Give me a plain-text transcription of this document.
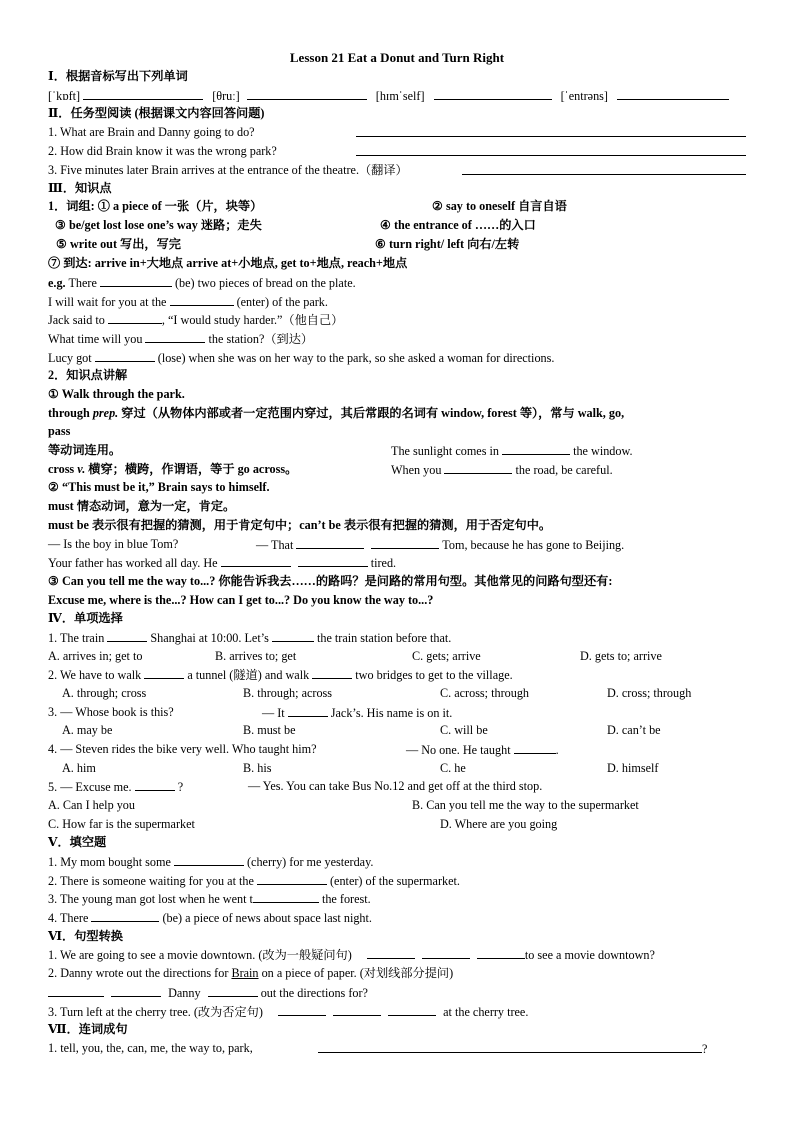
Lesson 21 Eat a Donut and Turn Right
Ⅰ．根据音标写出下列单词
[ˈkɒft]	[θruː]	[hɪmˈself]	[ˈentrəns]
Ⅱ．任务型阅读 (根据课文内容回答问题)
1. What are Brain and Danny going to do?
2. How did Brain know it was the wrong park?
3. Five minutes later Brain arrives at the entrance of the theatre.（翻译）
Ⅲ．知识点
1．词组: ① a piece of 一张（片，块等）	② say to oneself 自言自语
③ be/get lost lose one’s way 迷路；走失	④ the entrance of ……的入口
⑤ write out 写出，写完	⑥ turn right/ left 向右/左转
⑦ 到达: arrive in+大地点 arrive at+小地点, get to+地点, reach+地点
e.g. There	(be) two pieces of bread on the plate.
I will wait for you at the	(enter) of the park.
Jack said to	, “I would study harder.”（他自己）
What time will you	the station?（到达）
Lucy got	(lose) when she was on her way to the park, so she asked a woman for directions.
2．知识点讲解
① Walk through the park.
through prep. 穿过（从物体内部或者一定范围内穿过，其后常跟的名词有 window, forest 等），常与 walk, go,
pass
等动词连用。	The sunlight comes in	the window.
cross v. 横穿；横跨，作谓语，等于 go across。	When you	the road, be careful.
② “This must be it,” Brain says to himself.
must 情态动词，意为一定，肯定。
must be 表示很有把握的猜测，用于肯定句中；can’t be 表示很有把握的猜测，用于否定句中。
— Is the boy in blue Tom?	— That	Tom, because he has gone to Beijing.
Your father has worked all day. He	tired.
③ Can you tell me the way to...? 你能告诉我去……的路吗？是问路的常用句型。其他常见的问路句型还有:
Excuse me, where is the...? How can I get to...? Do you know the way to...?
Ⅳ．单项选择
1. The train	Shanghai at 10:00. Let’s	the train station before that.
A. arrives in; get to	B. arrives to; get	C. gets; arrive	D. gets to; arrive
2. We have to walk	a tunnel (隧道) and walk	two bridges to get to the village.
A. through; cross	B. through; across	C. across; through	D. cross; through
3. — Whose book is this?	— It	Jack’s. His name is on it.
A. may be	B. must be	C. will be	D. can’t be
4. — Steven rides the bike very well. Who taught him?	— No one. He taught	.
A. him	B. his	C. he	D. himself
5. — Excuse me.	?	— Yes. You can take Bus No.12 and get off at the third stop.
A. Can I help you	B. Can you tell me the way to the supermarket
C. How far is the supermarket	D. Where are you going
Ⅴ．填空题
1. My mom bought some	(cherry) for me yesterday.
2. There is someone waiting for you at the	(enter) of the supermarket.
3. The young man got lost when he went t	the forest.
4. There	(be) a piece of news about space last night.
Ⅵ．句型转换
1. We are going to see a movie downtown. (改为一般疑问句)	to see a movie downtown?
2. Danny wrote out the directions for Brain on a piece of paper. (对划线部分提问)
Danny	out the directions for?
3. Turn left at the cherry tree. (改为否定句)	at the cherry tree.
Ⅶ．连词成句
1. tell, you, the, can, me, the way to, park,	?
